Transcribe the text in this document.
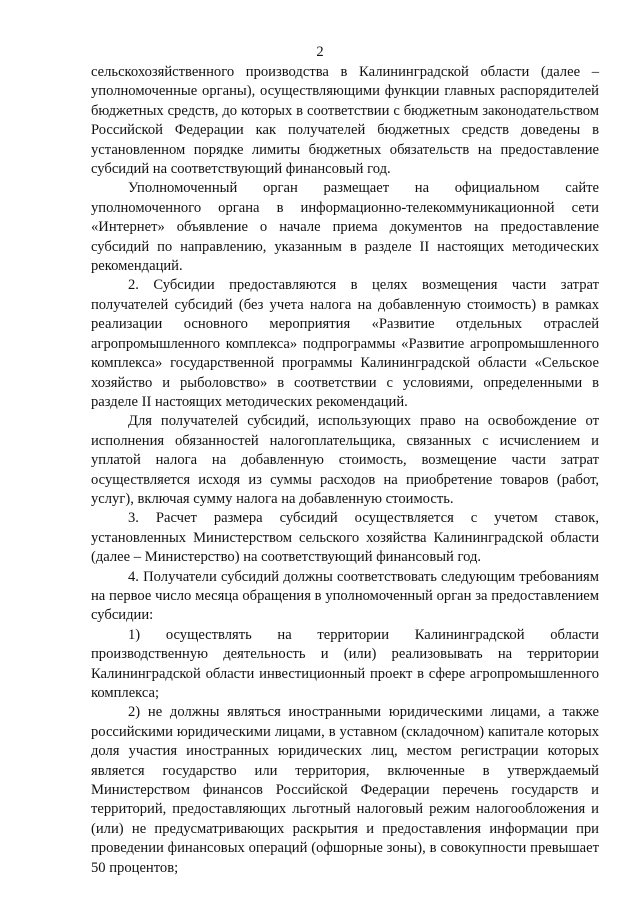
2

сельскохозяйственного производства в Калининградской области (далее – уполномоченные органы), осуществляющими функции главных распорядителей бюджетных средств, до которых в соответствии с бюджетным законодательством Российской Федерации как получателей бюджетных средств доведены в установленном порядке лимиты бюджетных обязательств на предоставление субсидий на соответствующий финансовый год.

Уполномоченный орган размещает на официальном сайте уполномоченного органа в информационно-телекоммуникационной сети «Интернет» объявление о начале приема документов на предоставление субсидий по направлению, указанным в разделе II настоящих методических рекомендаций.

2. Субсидии предоставляются в целях возмещения части затрат получателей субсидий (без учета налога на добавленную стоимость) в рамках реализации основного мероприятия «Развитие отдельных отраслей агропромышленного комплекса» подпрограммы «Развитие агропромышленного комплекса» государственной программы Калининградской области «Сельское хозяйство и рыболовство» в соответствии с условиями, определенными в разделе II настоящих методических рекомендаций.

Для получателей субсидий, использующих право на освобождение от исполнения обязанностей налогоплательщика, связанных с исчислением и уплатой налога на добавленную стоимость, возмещение части затрат осуществляется исходя из суммы расходов на приобретение товаров (работ, услуг), включая сумму налога на добавленную стоимость.

3. Расчет размера субсидий осуществляется с учетом ставок, установленных Министерством сельского хозяйства Калининградской области (далее – Министерство) на соответствующий финансовый год.

4. Получатели субсидий должны соответствовать следующим требованиям на первое число месяца обращения в уполномоченный орган за предоставлением субсидии:

1) осуществлять на территории Калининградской области производственную деятельность и (или) реализовывать на территории Калининградской области инвестиционный проект в сфере агропромышленного комплекса;

2) не должны являться иностранными юридическими лицами, а также российскими юридическими лицами, в уставном (складочном) капитале которых доля участия иностранных юридических лиц, местом регистрации которых является государство или территория, включенные в утверждаемый Министерством финансов Российской Федерации перечень государств и территорий, предоставляющих льготный налоговый режим налогообложения и (или) не предусматривающих раскрытия и предоставления информации при проведении финансовых операций (офшорные зоны), в совокупности превышает 50 процентов;
